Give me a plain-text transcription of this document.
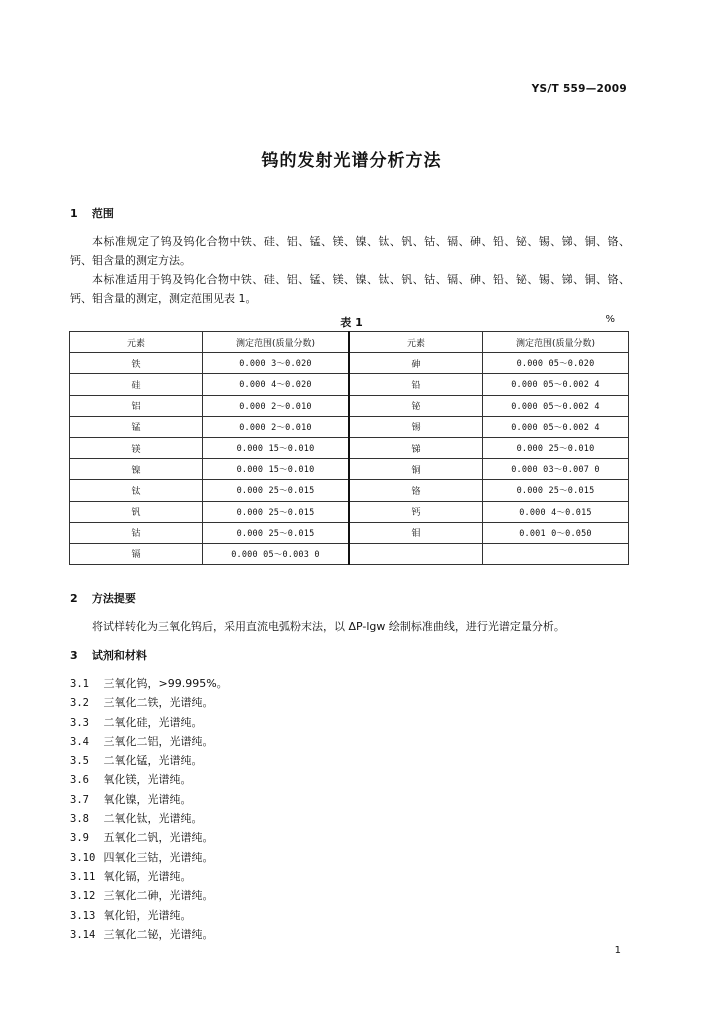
YS/T 559—2009
钨的发射光谱分析方法
1 范围
本标准规定了钨及钨化合物中铁、硅、铝、锰、镁、镍、钛、钒、钴、镉、砷、铅、铋、锡、锑、铜、铬、钙、钼含量的测定方法。
本标准适用于钨及钨化合物中铁、硅、铝、锰、镁、镍、钛、钒、钴、镉、砷、铅、铋、锡、锑、铜、铬、钙、钼含量的测定，测定范围见表 1。
表 1	%
元素	测定范围(质量分数)	元素	测定范围(质量分数)
铁	0.000 3～0.020	砷	0.000 05～0.020
硅	0.000 4～0.020	铅	0.000 05～0.002 4
铝	0.000 2～0.010	铋	0.000 05～0.002 4
锰	0.000 2～0.010	锡	0.000 05～0.002 4
镁	0.000 15～0.010	锑	0.000 25～0.010
镍	0.000 15～0.010	铜	0.000 03～0.007 0
钛	0.000 25～0.015	铬	0.000 25～0.015
钒	0.000 25～0.015	钙	0.000 4～0.015
钴	0.000 25～0.015	钼	0.001 0～0.050
镉	0.000 05～0.003 0		
2 方法提要
将试样转化为三氧化钨后，采用直流电弧粉末法，以 ΔP-lgw 绘制标准曲线，进行光谱定量分析。
3 试剂和材料
3.1 三氧化钨，>99.995%。
3.2 三氧化二铁，光谱纯。
3.3 二氧化硅，光谱纯。
3.4 三氧化二铝，光谱纯。
3.5 二氧化锰，光谱纯。
3.6 氧化镁，光谱纯。
3.7 氧化镍，光谱纯。
3.8 二氧化钛，光谱纯。
3.9 五氧化二钒，光谱纯。
3.10 四氧化三钴，光谱纯。
3.11 氧化镉，光谱纯。
3.12 三氧化二砷，光谱纯。
3.13 氧化铅，光谱纯。
3.14 三氧化二铋，光谱纯。
1
